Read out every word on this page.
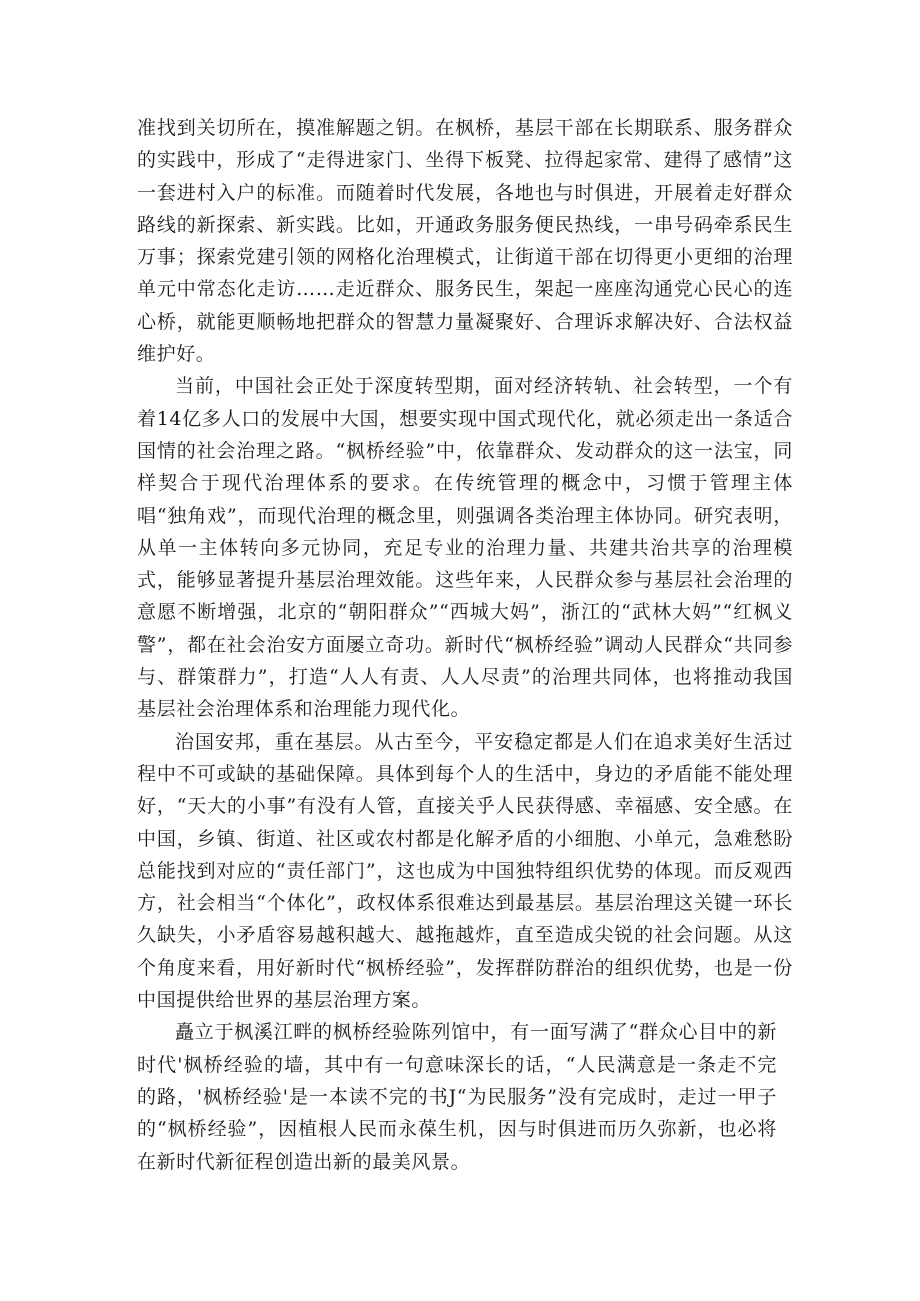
准找到关切所在，摸准解题之钥。在枫桥，基层干部在长期联系、服务群众的实践中，形成了“走得进家门、坐得下板凳、拉得起家常、建得了感情”这一套进村入户的标准。而随着时代发展，各地也与时俱进，开展着走好群众路线的新探索、新实践。比如，开通政务服务便民热线，一串号码牵系民生万事；探索党建引领的网格化治理模式，让街道干部在切得更小更细的治理单元中常态化走访……走近群众、服务民生，架起一座座沟通党心民心的连心桥，就能更顺畅地把群众的智慧力量凝聚好、合理诉求解决好、合法权益维护好。

当前，中国社会正处于深度转型期，面对经济转轨、社会转型，一个有着14亿多人口的发展中大国，想要实现中国式现代化，就必须走出一条适合国情的社会治理之路。“枫桥经验”中，依靠群众、发动群众的这一法宝，同样契合于现代治理体系的要求。在传统管理的概念中，习惯于管理主体唱“独角戏”，而现代治理的概念里，则强调各类治理主体协同。研究表明，从单一主体转向多元协同，充足专业的治理力量、共建共治共享的治理模式，能够显著提升基层治理效能。这些年来，人民群众参与基层社会治理的意愿不断增强，北京的“朝阳群众”“西城大妈”，浙江的“武林大妈”“红枫义警”，都在社会治安方面屡立奇功。新时代“枫桥经验”调动人民群众“共同参与、群策群力”，打造“人人有责、人人尽责”的治理共同体，也将推动我国基层社会治理体系和治理能力现代化。

治国安邦，重在基层。从古至今，平安稳定都是人们在追求美好生活过程中不可或缺的基础保障。具体到每个人的生活中，身边的矛盾能不能处理好，“天大的小事”有没有人管，直接关乎人民获得感、幸福感、安全感。在中国，乡镇、街道、社区或农村都是化解矛盾的小细胞、小单元，急难愁盼总能找到对应的“责任部门”，这也成为中国独特组织优势的体现。而反观西方，社会相当“个体化”，政权体系很难达到最基层。基层治理这关键一环长久缺失，小矛盾容易越积越大、越拖越炸，直至造成尖锐的社会问题。从这个角度来看，用好新时代“枫桥经验”，发挥群防群治的组织优势，也是一份中国提供给世界的基层治理方案。

矗立于枫溪江畔的枫桥经验陈列馆中，有一面写满了“群众心目中的新时代'枫桥经验的墙，其中有一句意味深长的话，“人民满意是一条走不完的路，'枫桥经验'是一本读不完的书J“为民服务”没有完成时，走过一甲子的“枫桥经验”，因植根人民而永葆生机，因与时俱进而历久弥新，也必将在新时代新征程创造出新的最美风景。
